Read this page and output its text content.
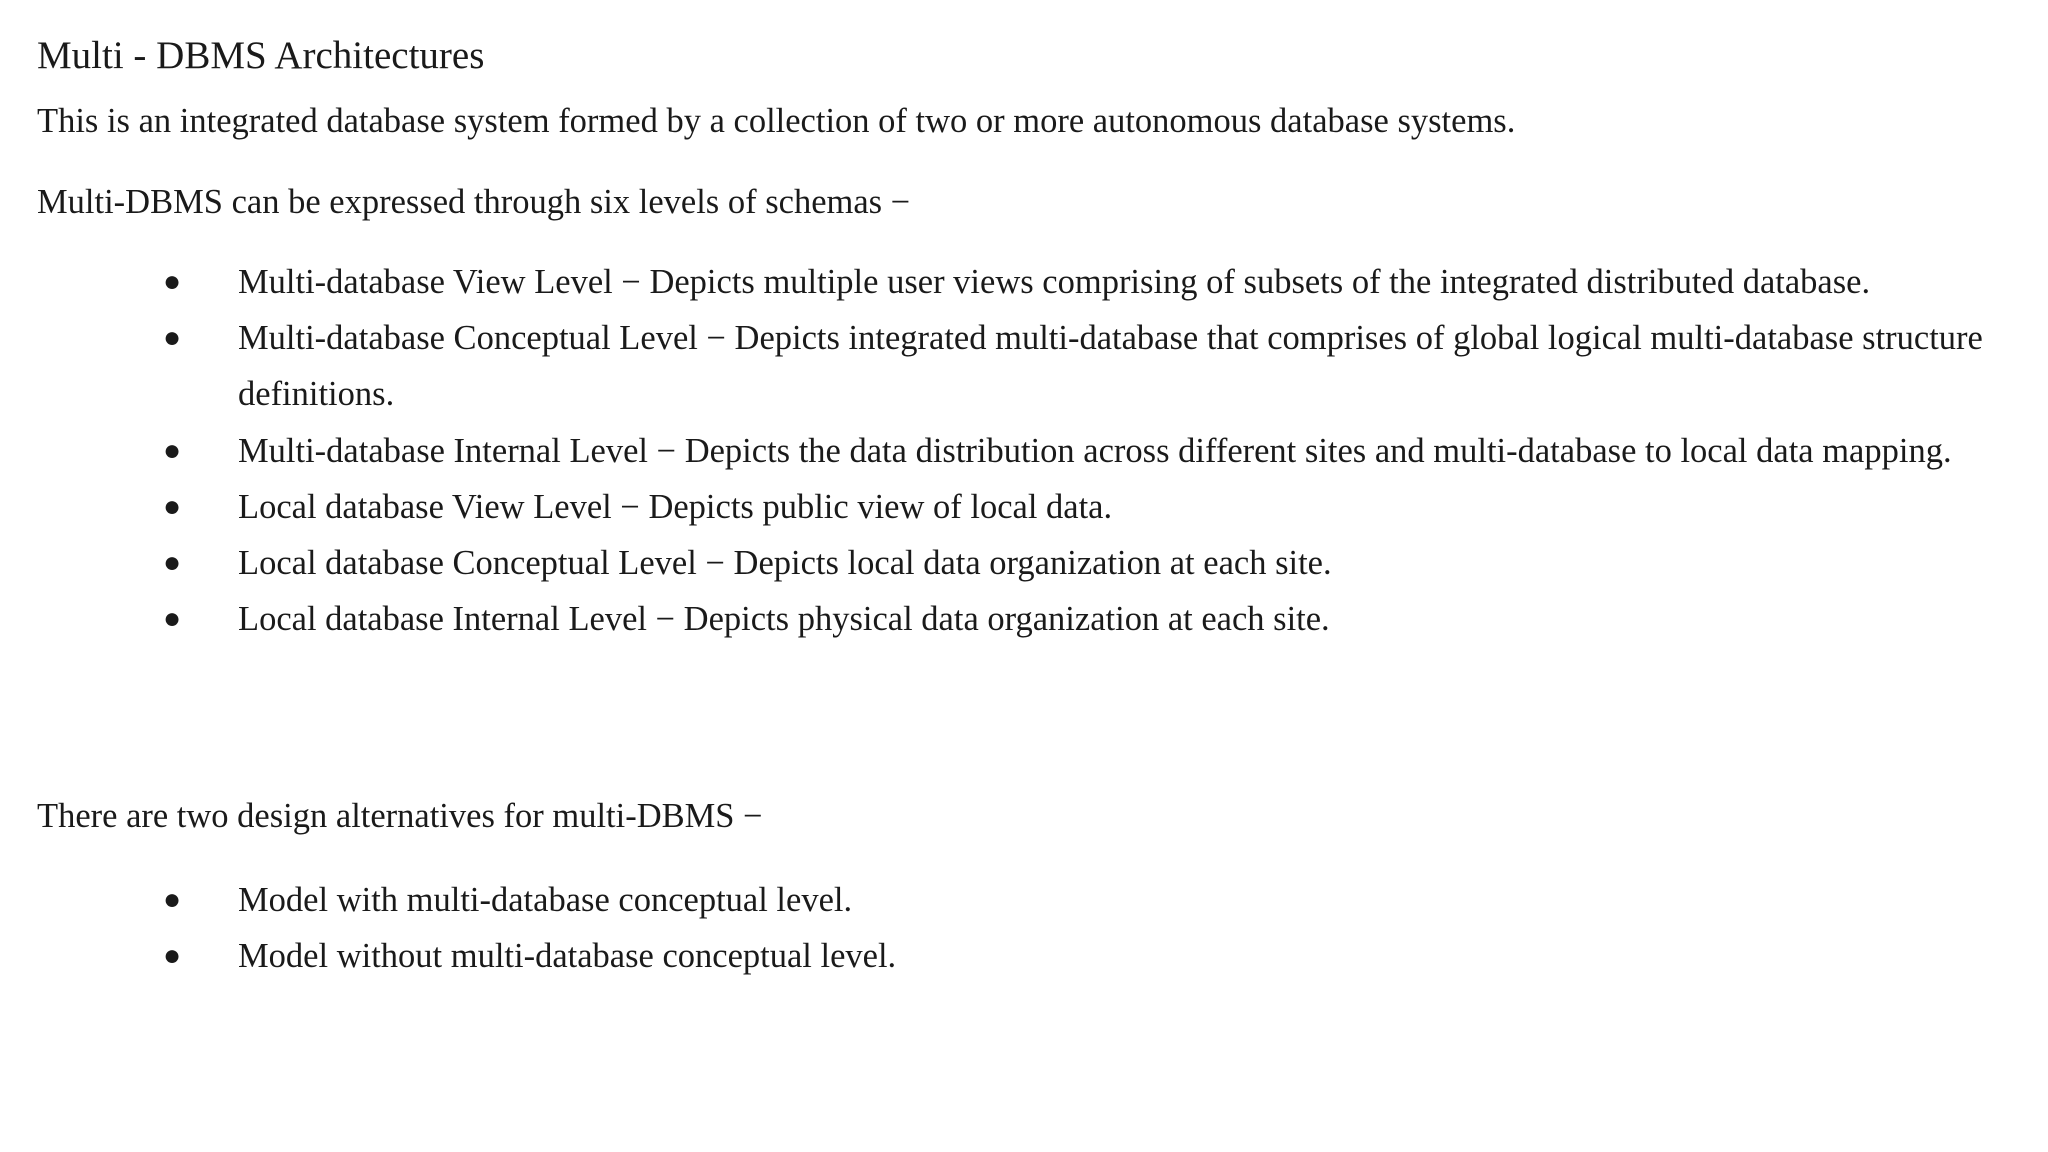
Multi - DBMS Architectures
This is an integrated database system formed by a collection of two or more autonomous database systems.
Multi-DBMS can be expressed through six levels of schemas −
● Multi-database View Level − Depicts multiple user views comprising of subsets of the integrated distributed database.
● Multi-database Conceptual Level − Depicts integrated multi-database that comprises of global logical multi-database structure definitions.
● Multi-database Internal Level − Depicts the data distribution across different sites and multi-database to local data mapping.
● Local database View Level − Depicts public view of local data.
● Local database Conceptual Level − Depicts local data organization at each site.
● Local database Internal Level − Depicts physical data organization at each site.
There are two design alternatives for multi-DBMS −
● Model with multi-database conceptual level.
● Model without multi-database conceptual level.
